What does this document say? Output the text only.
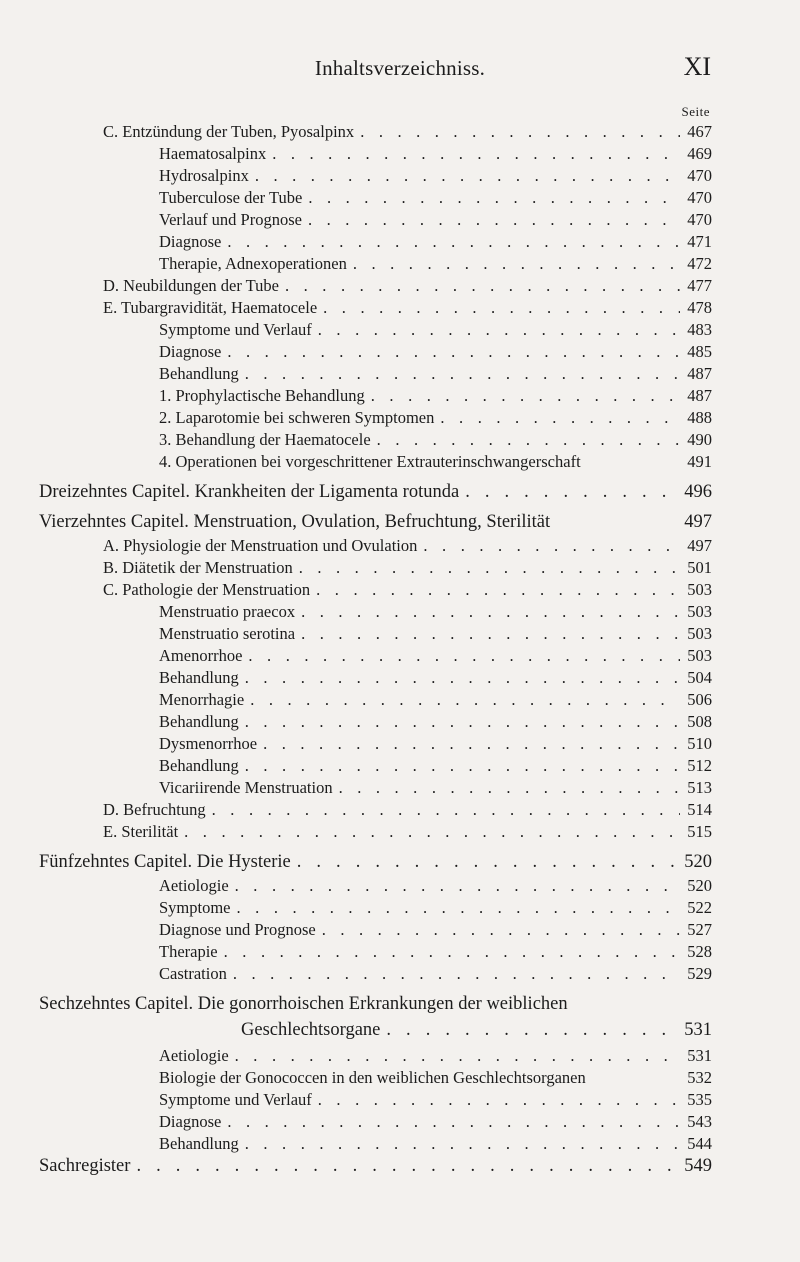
Inhaltsverzeichniss.	XI
Seite
C. Entzündung der Tuben, Pyosalpinx . . .	467
Haematosalpinx . . .	469
Hydrosalpinx . . .	470
Tuberculose der Tube . . .	470
Verlauf und Prognose . . .	470
Diagnose . . .	471
Therapie, Adnexoperationen . . .	472
D. Neubildungen der Tube . . .	477
E. Tubargravidität, Haematocele . . .	478
Symptome und Verlauf . . .	483
Diagnose . . .	485
Behandlung . . .	487
1. Prophylactische Behandlung . . .	487
2. Laparotomie bei schweren Symptomen . . .	488
3. Behandlung der Haematocele . . .	490
4. Operationen bei vorgeschrittener Extrauterinschwangerschaft	491
Dreizehntes Capitel. Krankheiten der Ligamenta rotunda . . .	496
Vierzehntes Capitel. Menstruation, Ovulation, Befruchtung, Sterilität	497
A. Physiologie der Menstruation und Ovulation . . .	497
B. Diätetik der Menstruation . . .	501
C. Pathologie der Menstruation . . .	503
Menstruatio praecox . . .	503
Menstruatio serotina . . .	503
Amenorrhoe . . .	503
Behandlung . . .	504
Menorrhagie . . .	506
Behandlung . . .	508
Dysmenorrhoe . . .	510
Behandlung . . .	512
Vicariirende Menstruation . . .	513
D. Befruchtung . . .	514
E. Sterilität . . .	515
Fünfzehntes Capitel. Die Hysterie . . .	520
Aetiologie . . .	520
Symptome . . .	522
Diagnose und Prognose . . .	527
Therapie . . .	528
Castration . . .	529
Sechzehntes Capitel. Die gonorrhoischen Erkrankungen der weiblichen
Geschlechtsorgane . . .	531
Aetiologie . . .	531
Biologie der Gonococcen in den weiblichen Geschlechtsorganen	532
Symptome und Verlauf . . .	535
Diagnose . . .	543
Behandlung . . .	544
Sachregister . . .	549
